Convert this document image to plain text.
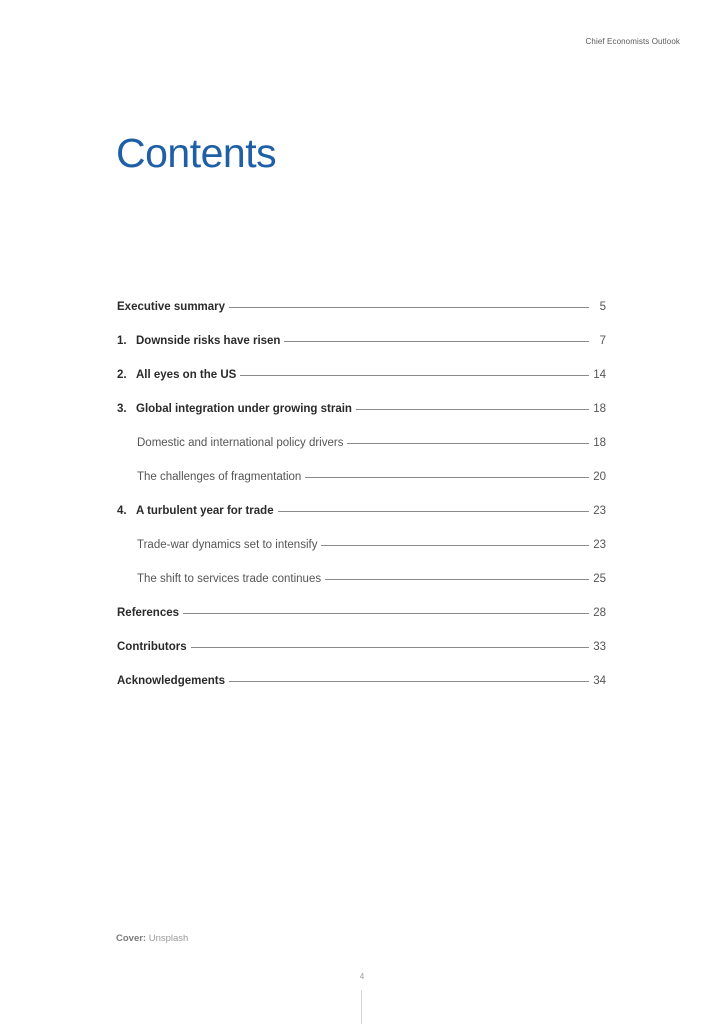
Chief Economists Outlook
Contents
Executive summary	5
1. Downside risks have risen	7
2. All eyes on the US	14
3. Global integration under growing strain	18
Domestic and international policy drivers	18
The challenges of fragmentation	20
4. A turbulent year for trade	23
Trade-war dynamics set to intensify	23
The shift to services trade continues	25
References	28
Contributors	33
Acknowledgements	34
Cover: Unsplash
4
